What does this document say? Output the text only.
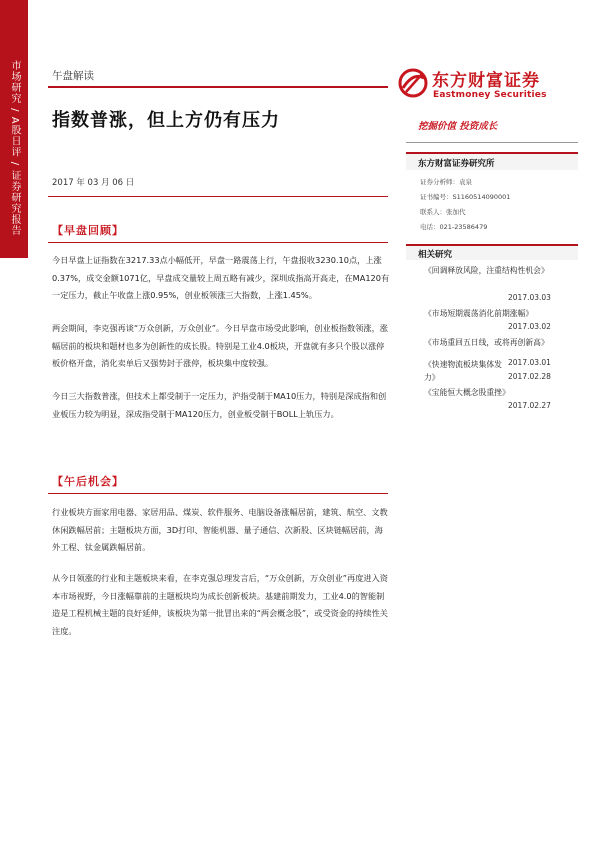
市场研究 / A股日评 / 证券研究报告	午盘解读
指数普涨，但上方仍有压力
2017 年 03 月 06 日
东方财富证券
Eastmoney Securities
挖掘价值 投资成长
东方财富证券研究所
证券分析师：袁泉
证书编号：S1160514090001
联系人：张加代
电话：021-23586479
相关研究
《回调释放风险，注重结构性机会》
2017.03.03
《市场短期震荡消化前期涨幅》
2017.03.02
《市场重回五日线，或将再创新高》
2017.03.01
《快速物流板块集体发力》	2017.02.28
《宝能恒大概念股重挫》
2017.02.27
【早盘回顾】
今日早盘上证指数在3217.33点小幅低开，早盘一路震荡上行，午盘报收3230.10点，上涨0.37%，成交金额1071亿，早盘成交量较上周五略有减少，深圳成指高开高走，在MA120有一定压力，截止午收盘上涨0.95%，创业板领涨三大指数，上涨1.45%。
两会期间，李克强再谈“万众创新，万众创业”。今日早盘市场受此影响，创业板指数领涨，涨幅居前的板块和题材也多为创新性的成长股。特别是工业4.0板块，开盘就有多只个股以涨停板价格开盘，消化卖单后又强势封于涨停，板块集中度较强。
今日三大指数普涨，但技术上都受制于一定压力，沪指受制于MA10压力，特别是深成指和创业板压力较为明显，深成指受制于MA120压力，创业板受制于BOLL上轨压力。
【午后机会】
行业板块方面家用电器、家居用品、煤炭、软件服务、电脑设备涨幅居前，建筑、航空、文教休闲跌幅居前；主题板块方面，3D打印、智能机器、量子通信、次新股、区块链幅居前，海外工程、钛金属跌幅居前。
从今日领涨的行业和主题板块来看，在李克强总理发言后，“万众创新，万众创业”再度进入资本市场视野，今日涨幅靠前的主题板块均为成长创新板块。基建前期发力，工业4.0的智能制造是工程机械主题的良好延伸，该板块为第一批冒出来的“两会概念股”，或受资金的持续性关注度。
